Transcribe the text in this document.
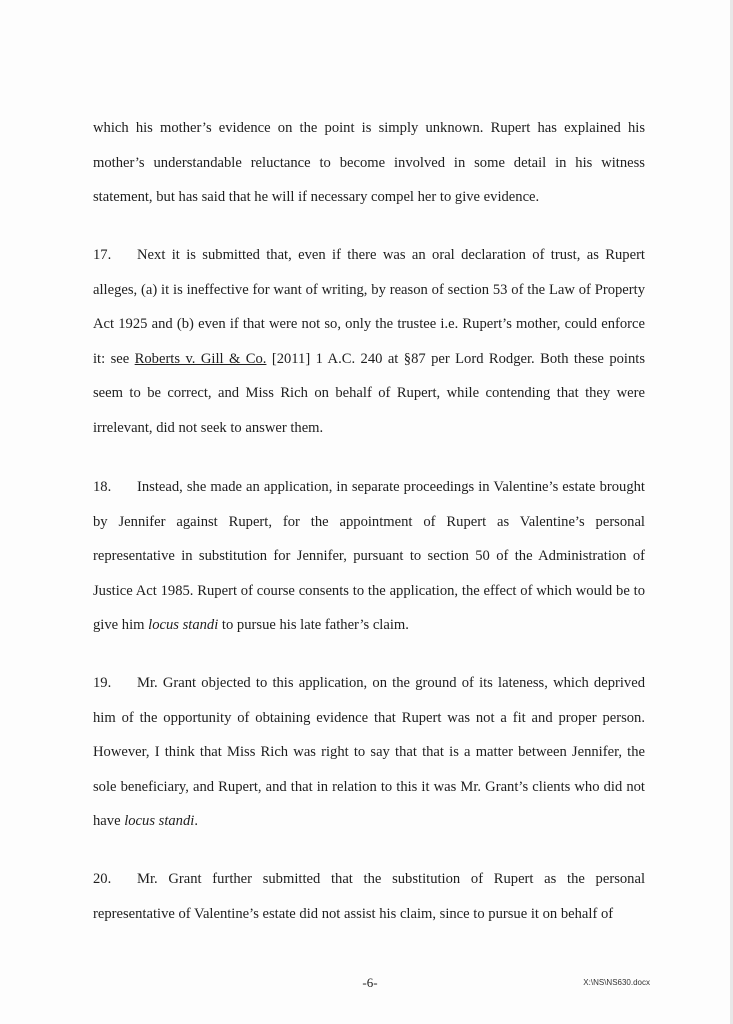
which his mother’s evidence on the point is simply unknown. Rupert has explained his mother’s understandable reluctance to become involved in some detail in his witness statement, but has said that he will if necessary compel her to give evidence.

17. Next it is submitted that, even if there was an oral declaration of trust, as Rupert alleges, (a) it is ineffective for want of writing, by reason of section 53 of the Law of Property Act 1925 and (b) even if that were not so, only the trustee i.e. Rupert’s mother, could enforce it: see Roberts v. Gill & Co. [2011] 1 A.C. 240 at §87 per Lord Rodger. Both these points seem to be correct, and Miss Rich on behalf of Rupert, while contending that they were irrelevant, did not seek to answer them.

18. Instead, she made an application, in separate proceedings in Valentine’s estate brought by Jennifer against Rupert, for the appointment of Rupert as Valentine’s personal representative in substitution for Jennifer, pursuant to section 50 of the Administration of Justice Act 1985. Rupert of course consents to the application, the effect of which would be to give him locus standi to pursue his late father’s claim.

19. Mr. Grant objected to this application, on the ground of its lateness, which deprived him of the opportunity of obtaining evidence that Rupert was not a fit and proper person. However, I think that Miss Rich was right to say that that is a matter between Jennifer, the sole beneficiary, and Rupert, and that in relation to this it was Mr. Grant’s clients who did not have locus standi.

20. Mr. Grant further submitted that the substitution of Rupert as the personal representative of Valentine’s estate did not assist his claim, since to pursue it on behalf of

-6-	X:\NS\NS630.docx
